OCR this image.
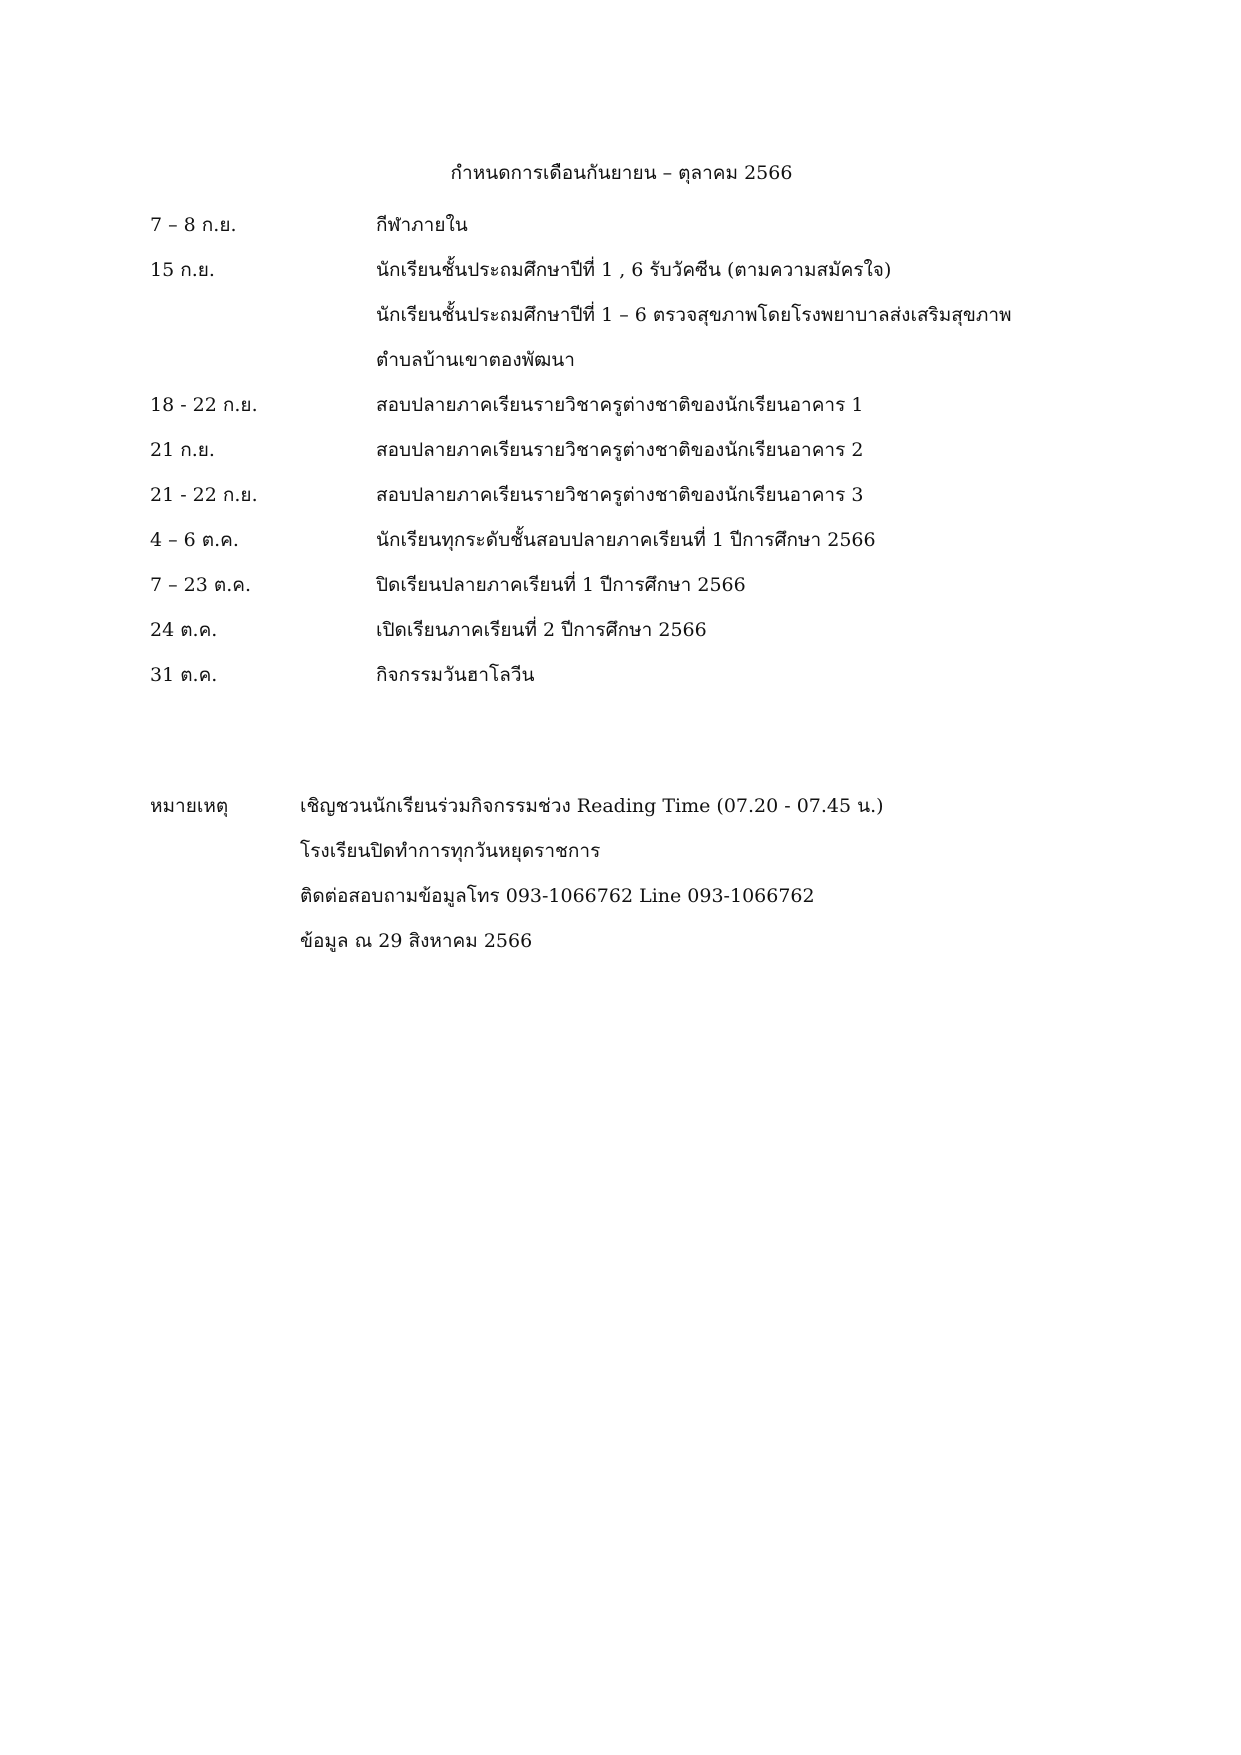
กำหนดการเดือนกันยายน – ตุลาคม 2566
7 – 8 ก.ย.	กีฬาภายใน
15 ก.ย.	นักเรียนชั้นประถมศึกษาปีที่ 1 , 6 รับวัคซีน (ตามความสมัครใจ)
นักเรียนชั้นประถมศึกษาปีที่ 1 – 6 ตรวจสุขภาพโดยโรงพยาบาลส่งเสริมสุขภาพ
ตำบลบ้านเขาตองพัฒนา
18 - 22 ก.ย.	สอบปลายภาคเรียนรายวิชาครูต่างชาติของนักเรียนอาคาร 1
21 ก.ย.	สอบปลายภาคเรียนรายวิชาครูต่างชาติของนักเรียนอาคาร 2
21 - 22 ก.ย.	สอบปลายภาคเรียนรายวิชาครูต่างชาติของนักเรียนอาคาร 3
4 – 6 ต.ค.	นักเรียนทุกระดับชั้นสอบปลายภาคเรียนที่ 1 ปีการศึกษา 2566
7 – 23 ต.ค.	ปิดเรียนปลายภาคเรียนที่ 1 ปีการศึกษา 2566
24 ต.ค.	เปิดเรียนภาคเรียนที่ 2 ปีการศึกษา 2566
31 ต.ค.	กิจกรรมวันฮาโลวีน
หมายเหตุ	เชิญชวนนักเรียนร่วมกิจกรรมช่วง Reading Time (07.20 - 07.45 น.)
โรงเรียนปิดทำการทุกวันหยุดราชการ
ติดต่อสอบถามข้อมูลโทร 093-1066762 Line 093-1066762
ข้อมูล ณ 29 สิงหาคม 2566
